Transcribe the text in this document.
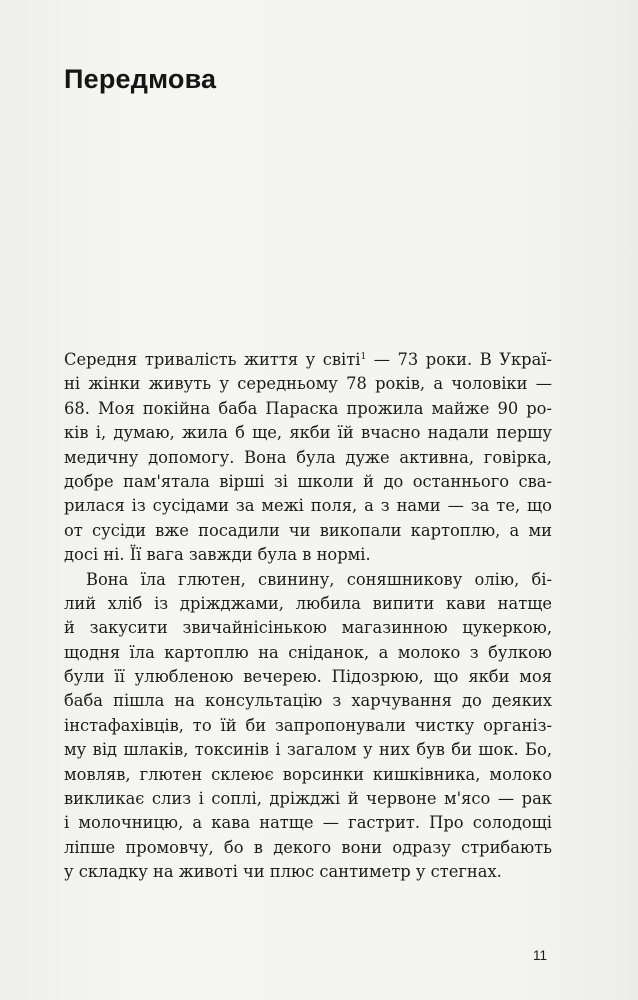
Передмова
Середня тривалість життя у світі$^1$ — 73 роки. В Украї-
ні жінки живуть у середньому 78 років, а чоловіки —
68. Моя покійна баба Параска прожила майже 90 ро-
ків і, думаю, жила б ще, якби їй вчасно надали першу
медичну допомогу. Вона була дуже активна, говірка,
добре пам'ятала вірші зі школи й до останнього сва-
рилася із сусідами за межі поля, а з нами — за те, що
от сусіди вже посадили чи викопали картоплю, а ми
досі ні. Її вага завжди була в нормі.
Вона їла глютен, свинину, соняшникову олію, бі-
лий хліб із дріжджами, любила випити кави натще
й закусити звичайнісінькою магазинною цукеркою,
щодня їла картоплю на сніданок, а молоко з булкою
були її улюбленою вечерею. Підозрюю, що якби моя
баба пішла на консультацію з харчування до деяких
інстафахівців, то їй би запропонували чистку організ-
му від шлаків, токсинів і загалом у них був би шок. Бо,
мовляв, глютен склеює ворсинки кишківника, молоко
викликає слиз і соплі, дріжджі й червоне м'ясо — рак
і молочницю, а кава натще — гастрит. Про солодощі
ліпше промовчу, бо в декого вони одразу стрибають
у складку на животі чи плюс сантиметр у стегнах.
11
